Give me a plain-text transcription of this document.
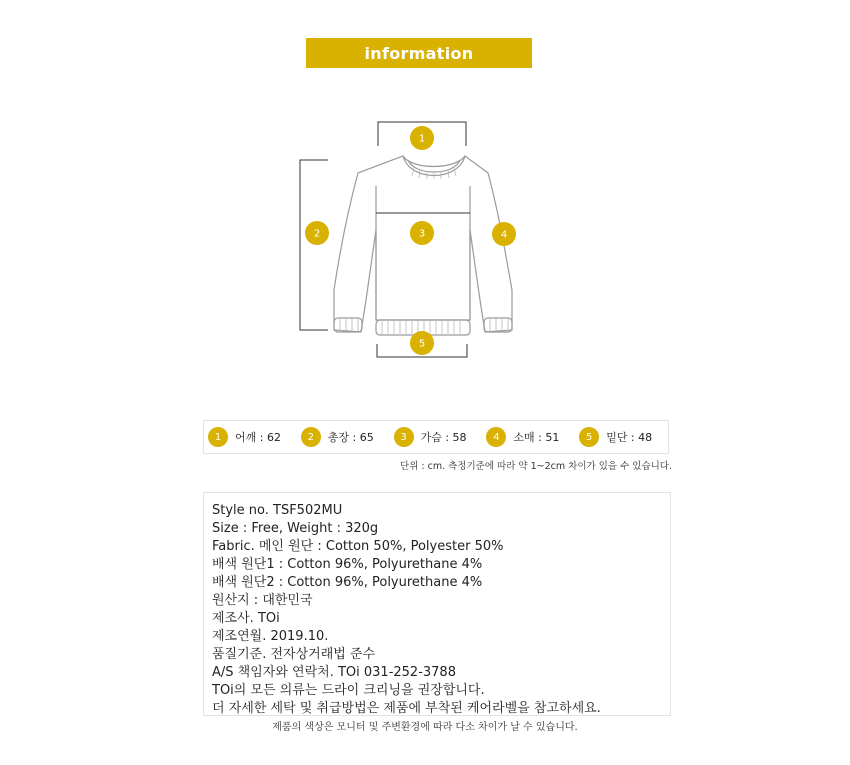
information
1
2	3	4
5
1	어깨 : 62	2	총장 : 65	3	가슴 : 58	4	소매 : 51	5	밑단 : 48
단위 : cm. 측정기준에 따라 약 1~2cm 차이가 있을 수 있습니다.
Style no. TSF502MU
Size : Free, Weight : 320g
Fabric. 메인 원단 : Cotton 50%, Polyester 50%
배색 원단1 : Cotton 96%, Polyurethane 4%
배색 원단2 : Cotton 96%, Polyurethane 4%
원산지 : 대한민국
제조사. TOi
제조연월. 2019.10.
품질기준. 전자상거래법 준수
A/S 책임자와 연락처. TOi 031-252-3788
TOi의 모든 의류는 드라이 크리닝을 권장합니다.
더 자세한 세탁 및 취급방법은 제품에 부착된 케어라벨을 참고하세요.
제품의 색상은 모니터 및 주변환경에 따라 다소 차이가 날 수 있습니다.
